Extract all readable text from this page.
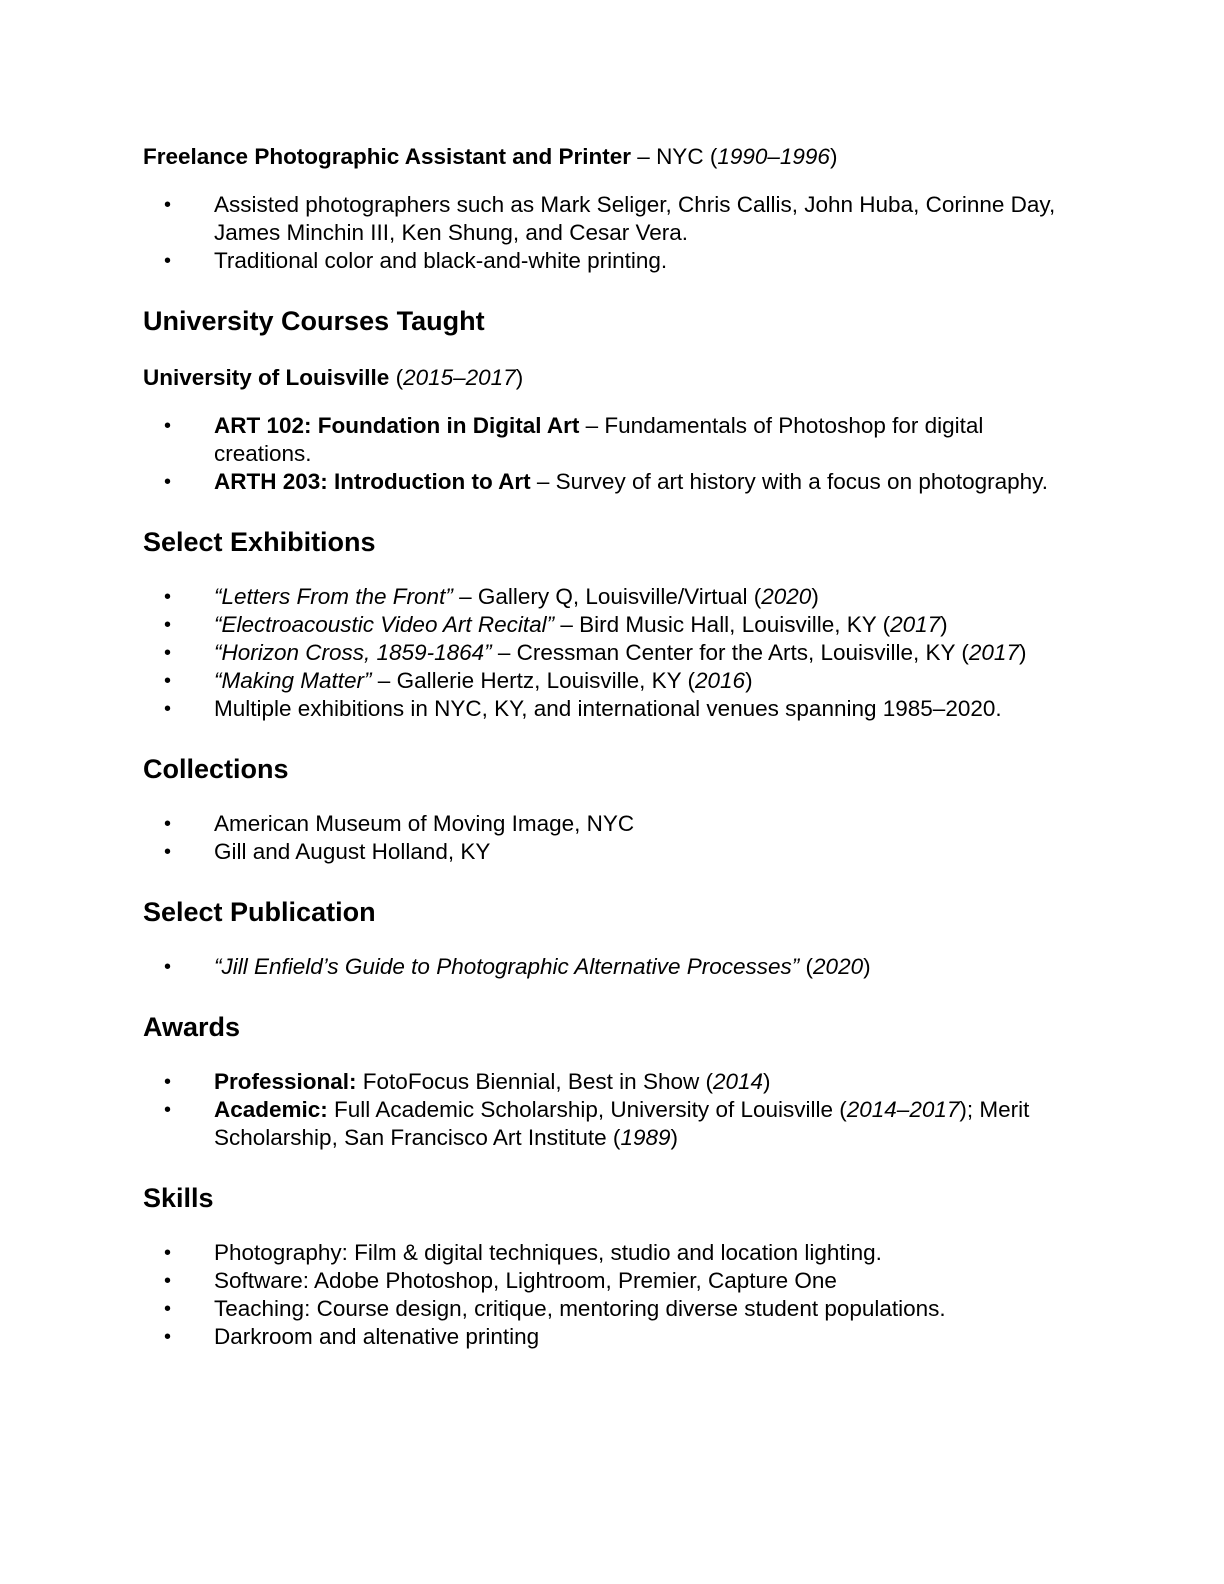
Freelance Photographic Assistant and Printer – NYC (1990–1996)

•	Assisted photographers such as Mark Seliger, Chris Callis, John Huba, Corinne Day, James Minchin III, Ken Shung, and Cesar Vera.
•	Traditional color and black-and-white printing.
University Courses Taught

University of Louisville (2015–2017)

•	ART 102: Foundation in Digital Art – Fundamentals of Photoshop for digital creations.
•	ARTH 203: Introduction to Art – Survey of art history with a focus on photography.
Select Exhibitions
•	“Letters From the Front” – Gallery Q, Louisville/Virtual (2020)
•	“Electroacoustic Video Art Recital” – Bird Music Hall, Louisville, KY (2017)
•	“Horizon Cross, 1859-1864” – Cressman Center for the Arts, Louisville, KY (2017)
•	“Making Matter” – Gallerie Hertz, Louisville, KY (2016)
•	Multiple exhibitions in NYC, KY, and international venues spanning 1985–2020.
Collections
•	American Museum of Moving Image, NYC
•	Gill and August Holland, KY
Select Publication
•	“Jill Enfield’s Guide to Photographic Alternative Processes” (2020)
Awards
•	Professional: FotoFocus Biennial, Best in Show (2014)
•	Academic: Full Academic Scholarship, University of Louisville (2014–2017); Merit Scholarship, San Francisco Art Institute (1989)
Skills
•	Photography: Film & digital techniques, studio and location lighting.
•	Software: Adobe Photoshop, Lightroom, Premier, Capture One
•	Teaching: Course design, critique, mentoring diverse student populations.
•	Darkroom and altenative printing
